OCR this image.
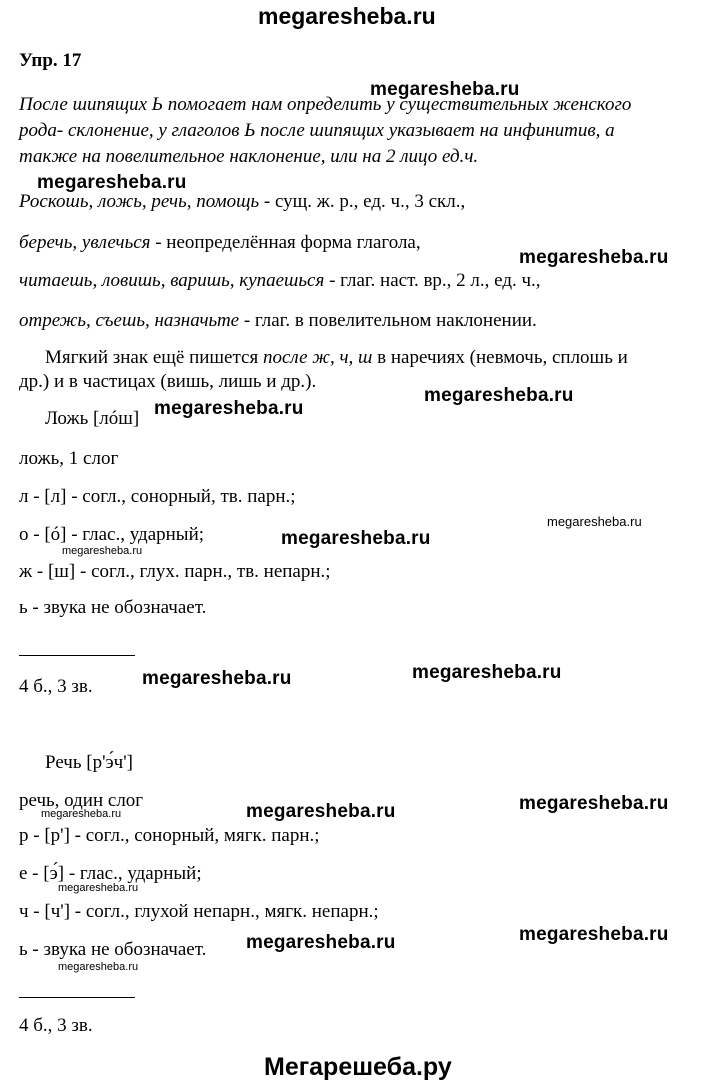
megaresheba.ru
Упр. 17
megaresheba.ru
После шипящих Ь помогает нам определить у существительных женского
рода- склонение, у глаголов Ь после шипящих указывает на инфинитив, а
также на повелительное наклонение, или на 2 лицо ед.ч.
megaresheba.ru
Роскошь, ложь, речь, помощь - сущ. ж. р., ед. ч., 3 скл.,
беречь, увлечься - неопределённая форма глагола,
megaresheba.ru
читаешь, ловишь, варишь, купаешься - глаг. наст. вр., 2 л., ед. ч.,
отрежь, съешь, назначьте - глаг. в повелительном наклонении.
Мягкий знак ещё пишется после ж, ч, ш в наречиях (невмочь, сплошь и
др.) и в частицах (вишь, лишь и др.).
megaresheba.ru
Ложь [лóш] megaresheba.ru
ложь, 1 слог
л - [л] - согл., сонорный, тв. парн.;
megaresheba.ru
о - [ó] - глас., ударный;	megaresheba.ru
megaresheba.ru
ж - [ш] - согл., глух. парн., тв. непарн.;
ь - звука не обозначает.
megaresheba.ru
4 б., 3 зв.	megaresheba.ru
Речь [р'э́ч']
речь, один слог	megaresheba.ru
megaresheba.ru
megaresheba.ru
р - [р'] - согл., сонорный, мягк. парн.;
е - [э́] - глас., ударный;
megaresheba.ru
ч - [ч'] - согл., глухой непарн., мягк. непарн.;
megaresheba.ru
megaresheba.ru
ь - звука не обозначает.
megaresheba.ru
4 б., 3 зв.
Мегарешеба.ру
